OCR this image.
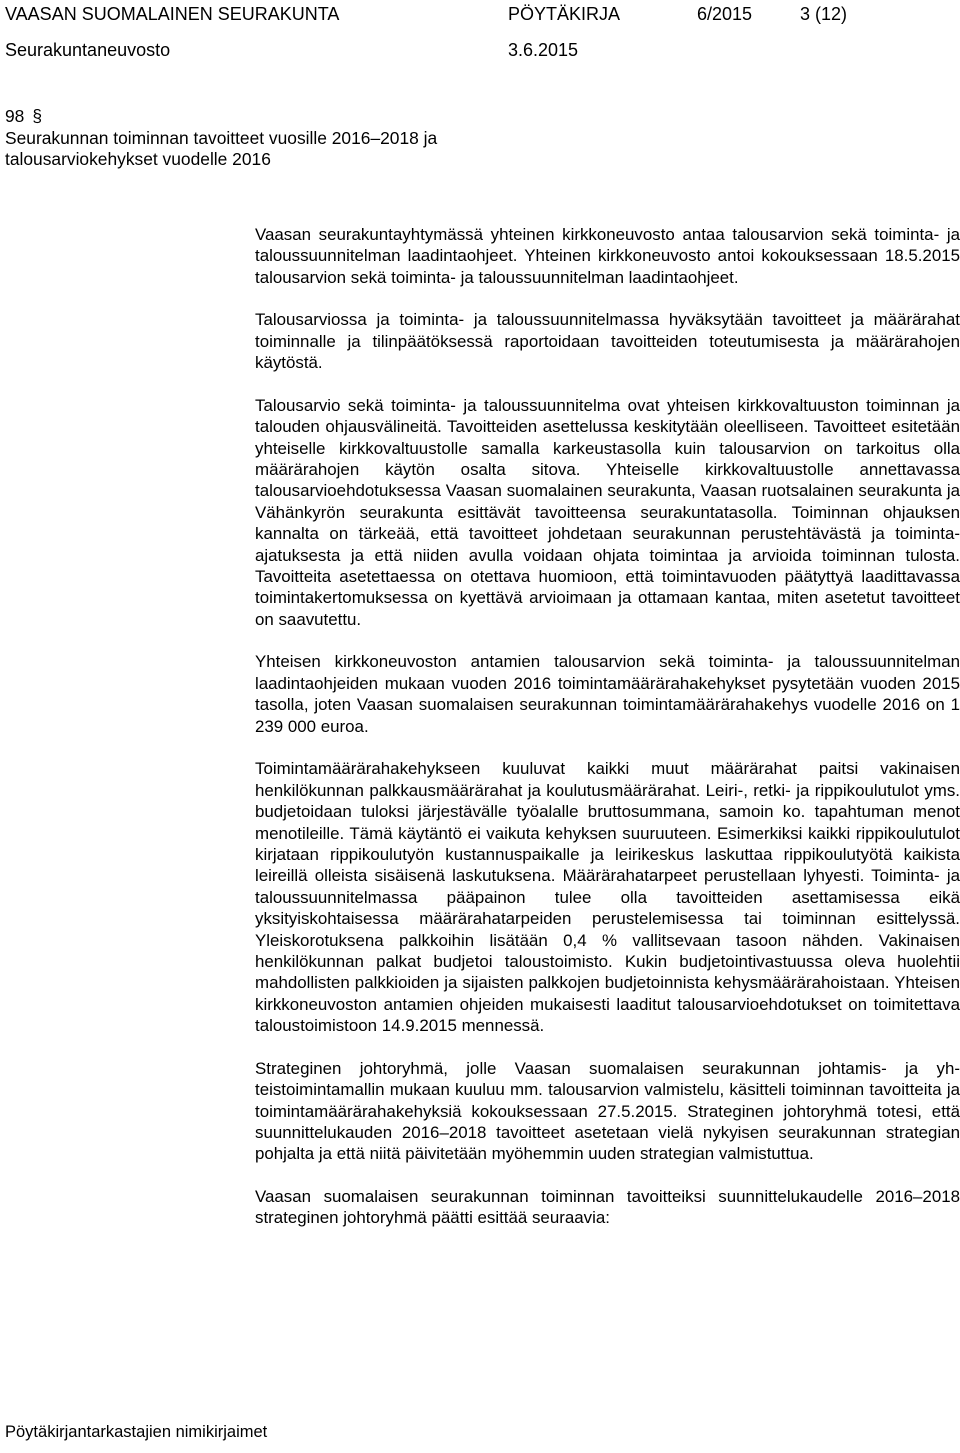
VAASAN SUOMALAINEN SEURAKUNTA	PÖYTÄKIRJA	6/2015	3 (12)
Seurakuntaneuvosto	3.6.2015
98 §
Seurakunnan toiminnan tavoitteet vuosille 2016‒2018 ja
talousarviokehykset vuodelle 2016

Vaasan seurakuntayhtymässä yhteinen kirkkoneuvosto antaa talousarvion sekä toiminta- ja taloussuunnitelman laadintaohjeet. Yhteinen kirkkoneuvosto antoi kokouksessaan 18.5.2015 talousarvion sekä toiminta- ja taloussuunnitelman laadintaohjeet.

Talousarviossa ja toiminta- ja taloussuunnitelmassa hyväksytään tavoitteet ja määrärahat toiminnalle ja tilinpäätöksessä raportoidaan tavoitteiden toteutumisesta ja määrärahojen käytöstä.

Talousarvio sekä toiminta- ja taloussuunnitelma ovat yhteisen kirkkovaltuuston toiminnan ja talouden ohjausvälineitä. Tavoitteiden asettelussa keskitytään oleelliseen. Tavoitteet esitetään yhteiselle kirkkovaltuustolle samalla karkeustasolla kuin talousarvion on tarkoitus olla määrärahojen käytön osalta sitova. Yhteiselle kirkkovaltuustolle annettavassa talousarvioehdotuksessa Vaasan suomalainen seurakunta, Vaasan ruotsalainen seurakunta ja Vähänkyrön seurakunta esittävät tavoitteensa seurakuntatasolla. Toiminnan ohjauksen kannalta on tärkeää, että tavoitteet johdetaan seurakunnan perustehtävästä ja toiminta-ajatuksesta ja että niiden avulla voidaan ohjata toimintaa ja arvioida toiminnan tulosta. Tavoitteita asetettaessa on otettava huomioon, että toimintavuoden päätyttyä laadittavassa toimintakertomuksessa on kyettävä arvioimaan ja ottamaan kantaa, miten asetetut tavoitteet on saavutettu.

Yhteisen kirkkoneuvoston antamien talousarvion sekä toiminta- ja taloussuunnitelman laadintaohjeiden mukaan vuoden 2016 toimintamäärärahakehykset pysytetään vuoden 2015 tasolla, joten Vaasan suomalaisen seurakunnan toimintamäärärahakehys vuodelle 2016 on 1 239 000 euroa.

Toimintamäärärahakehykseen kuuluvat kaikki muut määrärahat paitsi vakinaisen henkilökunnan palkkausmäärärahat ja koulutusmäärärahat. Leiri-, retki- ja rippikoulutulot yms. budjetoidaan tuloksi järjestävälle työalalle bruttosummana, samoin ko. tapahtuman menot menotileille. Tämä käytäntö ei vaikuta kehyksen suuruuteen. Esimerkiksi kaikki rippikoulutulot kirjataan rippikoulutyön kustannuspaikalle ja leirikeskus laskuttaa rippikoulutyötä kaikista leireillä olleista sisäisenä laskutuksena. Määrärahatarpeet perustellaan lyhyesti. Toiminta- ja taloussuunnitelmassa pääpainon tulee olla tavoitteiden asettamisessa eikä yksityiskohtaisessa määrärahatarpeiden perustelemisessa tai toiminnan esittelyssä. Yleiskorotuksena palkkoihin lisätään 0,4 % vallitsevaan tasoon nähden. Vakinaisen henkilökunnan palkat budjetoi taloustoimisto. Kukin budjetointivastuussa oleva huolehtii mahdollisten palkkioiden ja sijaisten palkkojen budjetoinnista kehysmäärärahoistaan. Yhteisen kirkkoneuvoston antamien ohjeiden mukaisesti laaditut talousarvioehdotukset on toimitettava taloustoimistoon 14.9.2015 mennessä.

Strateginen johtoryhmä, jolle Vaasan suomalaisen seurakunnan johtamis- ja yhteistoimintamallin mukaan kuuluu mm. talousarvion valmistelu, käsitteli toiminnan tavoitteita ja toimintamäärärahakehyksiä kokouksessaan 27.5.2015. Strateginen johtoryhmä totesi, että suunnittelukauden 2016‒2018 tavoitteet asetetaan vielä nykyisen seurakunnan strategian pohjalta ja että niitä päivitetään myöhemmin uuden strategian valmistuttua.

Vaasan suomalaisen seurakunnan toiminnan tavoitteiksi suunnittelukaudelle 2016‒2018 strateginen johtoryhmä päätti esittää seuraavia:

Pöytäkirjantarkastajien nimikirjaimet
